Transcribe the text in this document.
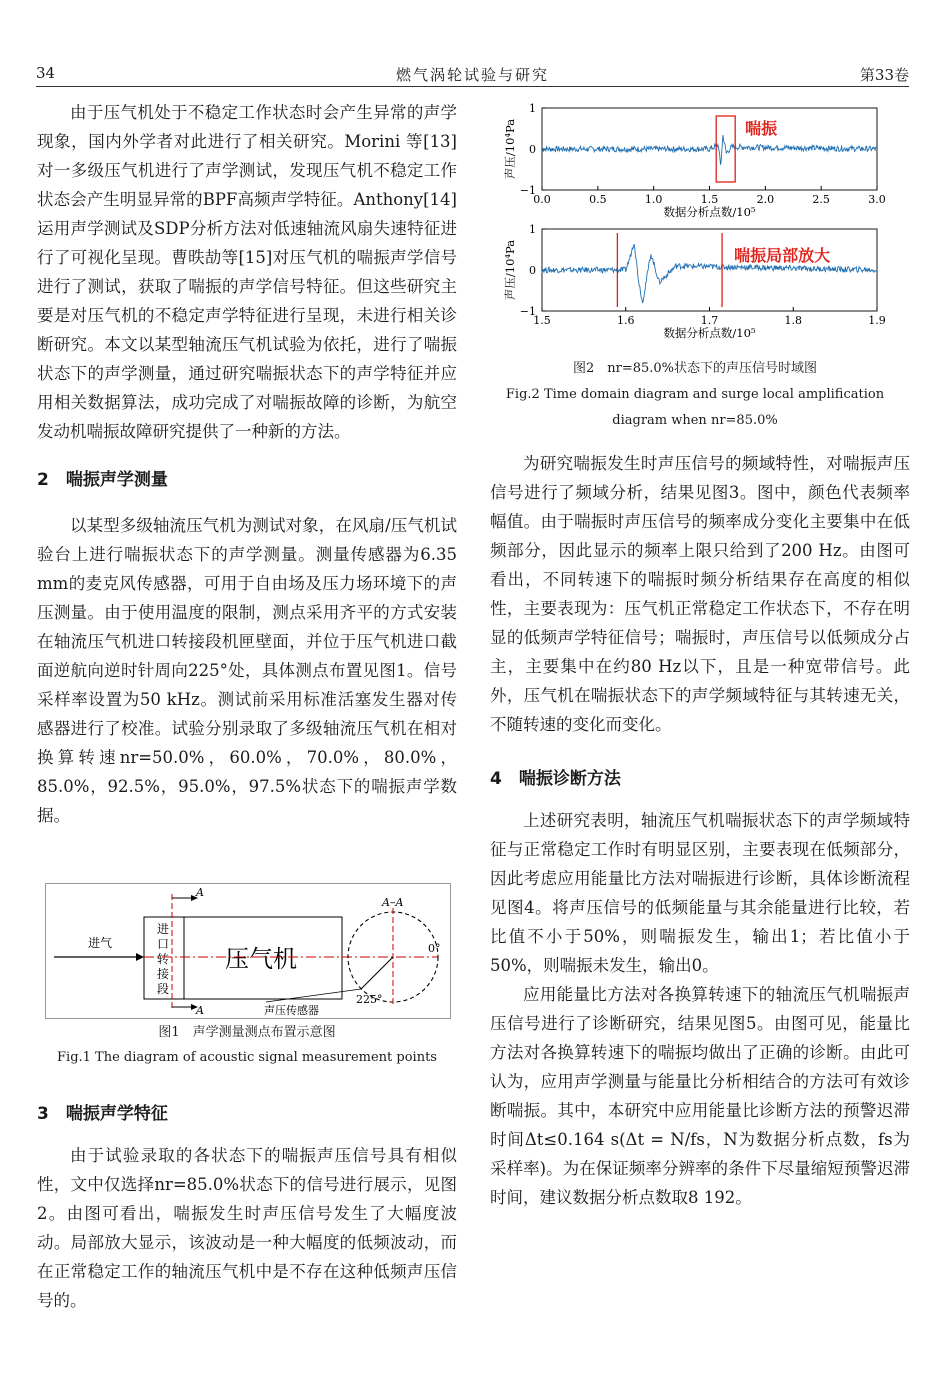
34	燃气涡轮试验与研究	第33卷

由于压气机处于不稳定工作状态时会产生异常的声学现象，国内外学者对此进行了相关研究。Morini 等[13]对一多级压气机进行了声学测试，发现压气机不稳定工作状态会产生明显异常的BPF高频声学特征。Anthony[14]运用声学测试及SDP分析方法对低速轴流风扇失速特征进行了可视化呈现。曹昳劼等[15]对压气机的喘振声学信号进行了测试，获取了喘振的声学信号特征。但这些研究主要是对压气机的不稳定声学特征进行呈现，未进行相关诊断研究。本文以某型轴流压气机试验为依托，进行了喘振状态下的声学测量，通过研究喘振状态下的声学特征并应用相关数据算法，成功完成了对喘振故障的诊断，为航空发动机喘振故障研究提供了一种新的方法。

2　喘振声学测量

以某型多级轴流压气机为测试对象，在风扇/压气机试验台上进行喘振状态下的声学测量。测量传感器为6.35 mm的麦克风传感器，可用于自由场及压力场环境下的声压测量。由于使用温度的限制，测点采用齐平的方式安装在轴流压气机进口转接段机匣壁面，并位于压气机进口截面逆航向逆时针周向225°处，具体测点布置见图1。信号采样率设置为50 kHz。测试前采用标准活塞发生器对传感器进行了校准。试验分别录取了多级轴流压气机在相对换算转速nr=50.0%，60.0%，70.0%，80.0%，85.0%，92.5%，95.0%，97.5%状态下的喘振声学数据。

进气
进
口
转
接
段
压气机
A
A
A–A
0°
225°
声压传感器
图1　声学测量测点布置示意图
Fig.1 The diagram of acoustic signal measurement points
3　喘振声学特征

由于试验录取的各状态下的喘振声压信号具有相似性，文中仅选择nr=85.0%状态下的信号进行展示，见图2。由图可看出，喘振发生时声压信号发生了大幅度波动。局部放大显示，该波动是一种大幅度的低频波动，而在正常稳定工作的轴流压气机中是不存在这种低频声压信号的。

1
0
−1
0.0	0.5	1.0	1.5	2.0	2.5	3.0
数据分析点数/10⁵
声压/10⁴Pa	喘振
1
0
−1
1.5	1.6	1.7	1.8	1.9
数据分析点数/10⁵
声压/10⁴Pa	喘振局部放大
图2　nr=85.0%状态下的声压信号时域图
Fig.2 Time domain diagram and surge local amplification
diagram when nr=85.0%

为研究喘振发生时声压信号的频域特性，对喘振声压信号进行了频域分析，结果见图3。图中，颜色代表频率幅值。由于喘振时声压信号的频率成分变化主要集中在低频部分，因此显示的频率上限只给到了200 Hz。由图可看出，不同转速下的喘振时频分析结果存在高度的相似性，主要表现为：压气机正常稳定工作状态下，不存在明显的低频声学特征信号；喘振时，声压信号以低频成分占主，主要集中在约80 Hz以下，且是一种宽带信号。此外，压气机在喘振状态下的声学频域特征与其转速无关，不随转速的变化而变化。

4　喘振诊断方法

上述研究表明，轴流压气机喘振状态下的声学频域特征与正常稳定工作时有明显区别，主要表现在低频部分，因此考虑应用能量比方法对喘振进行诊断，具体诊断流程见图4。将声压信号的低频能量与其余能量进行比较，若比值不小于50%，则喘振发生，输出1；若比值小于50%，则喘振未发生，输出0。

应用能量比方法对各换算转速下的轴流压气机喘振声压信号进行了诊断研究，结果见图5。由图可见，能量比方法对各换算转速下的喘振均做出了正确的诊断。由此可认为，应用声学测量与能量比分析相结合的方法可有效诊断喘振。其中，本研究中应用能量比诊断方法的预警迟滞时间Δt≤0.164 s(Δt = N/fs，N为数据分析点数，fs为采样率)。为在保证频率分辨率的条件下尽量缩短预警迟滞时间，建议数据分析点数取8 192。
